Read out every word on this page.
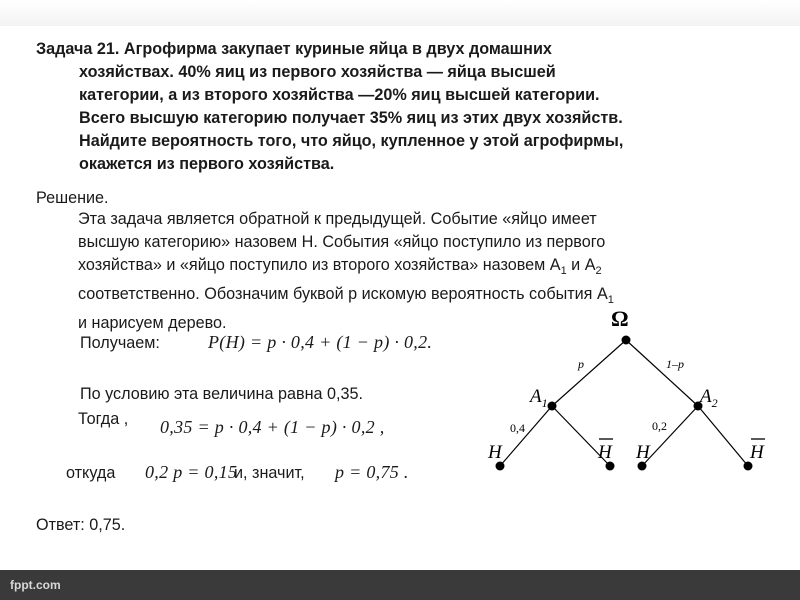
Задача 21. Агрофирма закупает куриные яйца в двух домашних
хозяйствах. 40% яиц из первого хозяйства — яйца высшей
категории, а из второго хозяйства —20% яиц высшей категории.
Всего высшую категорию получает 35% яиц из этих двух хозяйств.
Найдите вероятность того, что яйцо, купленное у этой агрофирмы,
окажется из первого хозяйства.
Решение.
Эта задача является обратной к предыдущей. Событие «яйцо имеет
высшую категорию» назовем H. События «яйцо поступило из первого
хозяйства» и «яйцо поступило из второго хозяйства» назовем $A_1$ и $A_2$
соответственно. Обозначим буквой р искомую вероятность события $А_1$
и нарисуем дерево.
Получаем:	P(H) = p · 0,4 + (1 − p) · 0,2.
По условию эта величина равна 0,35.
Тогда , 0,35 = p · 0,4 + (1 − p) · 0,2 ,
откуда 0,2 p = 0,15
и, значит, p = 0,75 .
Ответ: 0,75.
Ω
p	1–p
$A_1$	$A_2$
0,4	0,2
H	H H	H
fppt.com
